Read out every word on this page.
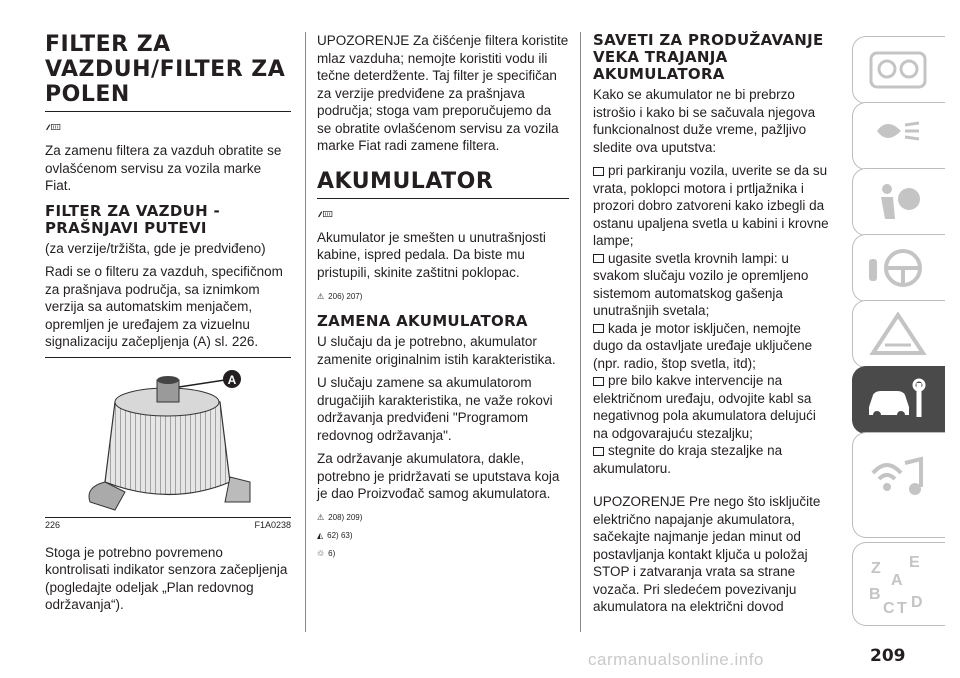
FILTER ZA VAZDUH/FILTER ZA POLEN

Za zamenu filtera za vazduh obratite se ovlašćenom servisu za vozila marke Fiat.

FILTER ZA VAZDUH - PRAŠNJAVI PUTEVI

(za verzije/tržišta, gde je predviđeno)

Radi se o filteru za vazduh, specifičnom za prašnjava područja, sa iznimkom verzija sa automatskim menjačem, opremljen je uređajem za vizuelnu signalizaciju začepljenja (A) sl. 226.

A
226	F1A0238

Stoga je potrebno povremeno kontrolisati indikator senzora začepljenja (pogledajte odeljak „Plan redovnog održavanja“).

UPOZORENJE Za čišćenje filtera koristite mlaz vazduha; nemojte koristiti vodu ili tečne deterdžente. Taj filter je specifičan za verzije predviđene za prašnjava područja; stoga vam preporučujemo da se obratite ovlašćenom servisu za vozila marke Fiat radi zamene filtera.

AKUMULATOR

Akumulator je smešten u unutrašnjosti kabine, ispred pedala. Da biste mu pristupili, skinite zaštitni poklopac.

⚠ 206) 207)
ZAMENA AKUMULATORA

U slučaju da je potrebno, akumulator zamenite originalnim istih karakteristika.

U slučaju zamene sa akumulatorom drugačijih karakteristika, ne važe rokovi održavanja predviđeni "Programom redovnog održavanja".

Za održavanje akumulatora, dakle, potrebno je pridržavati se uputstava koja je dao Proizvođač samog akumulatora.

⚠ 208) 209)
◭ 62) 63)
♲ 6)
SAVETI ZA PRODUŽAVANJE VEKA TRAJANJA AKUMULATORA

Kako se akumulator ne bi prebrzo istrošio i kako bi se sačuvala njegova funkcionalnost duže vreme, pažljivo sledite ova uputstva:

pri parkiranju vozila, uverite se da su vrata, poklopci motora i prtljažnika i prozori dobro zatvoreni kako izbegli da ostanu upaljena svetla u kabini i krovne lampe;

ugasite svetla krovnih lampi: u svakom slučaju vozilo je opremljeno sistemom automatskog gašenja unutrašnjih svetala;

kada je motor isključen, nemojte dugo da ostavljate uređaje uključene (npr. radio, štop svetla, itd);

pre bilo kakve intervencije na električnom uređaju, odvojite kabl sa negativnog pola akumulatora delujući na odgovarajuću stezaljku;

stegnite do kraja stezaljke na akumulatoru.

UPOZORENJE Pre nego što isključite električno napajanje akumulatora, sačekajte najmanje jedan minut od postavljanja kontakt ključa u položaj STOP i zatvaranja vrata sa strane vozača. Pri sledećem povezivanju akumulatora na električni dovod

Z E
A
B
C T D
carmanualsonline.info	209
